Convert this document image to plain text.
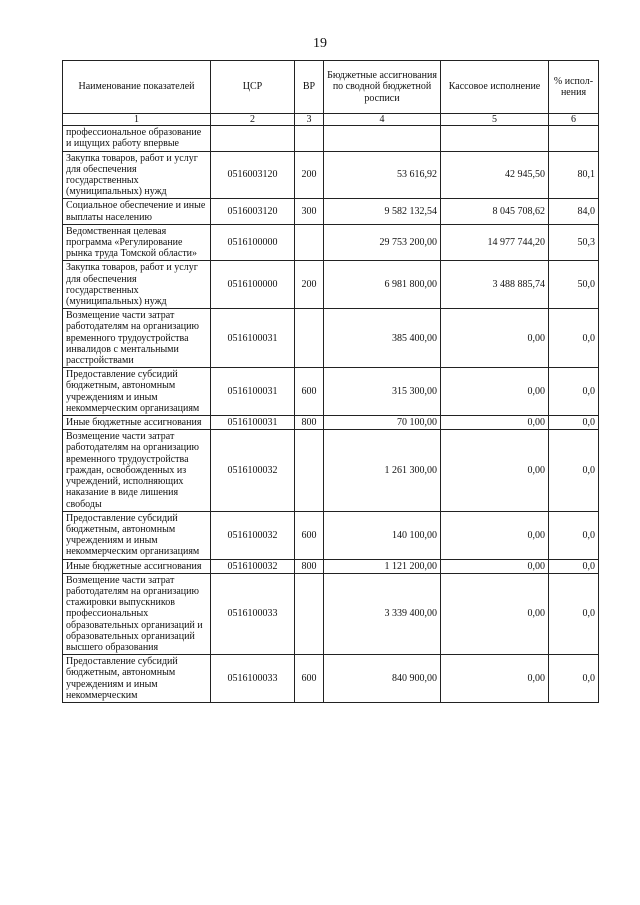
19
Наименование показателей	ЦСР	ВР	Бюджетные ассигнования по сводной бюджетной росписи	Кассовое исполнение	% испол-нения
1	2	3	4	5	6
профессиональное образование и ищущих работу впервые					
Закупка товаров, работ и услуг для обеспечения государственных (муниципальных) нужд	0516003120	200	53 616,92	42 945,50	80,1
Социальное обеспечение и иные выплаты населению	0516003120	300	9 582 132,54	8 045 708,62	84,0
Ведомственная целевая программа «Регулирование рынка труда Томской области»	0516100000		29 753 200,00	14 977 744,20	50,3
Закупка товаров, работ и услуг для обеспечения государственных (муниципальных) нужд	0516100000	200	6 981 800,00	3 488 885,74	50,0
Возмещение части затрат работодателям на организацию временного трудоустройства инвалидов с ментальными расстройствами	0516100031		385 400,00	0,00	0,0
Предоставление субсидий бюджетным, автономным учреждениям и иным некоммерческим организациям	0516100031	600	315 300,00	0,00	0,0
Иные бюджетные ассигнования	0516100031	800	70 100,00	0,00	0,0
Возмещение части затрат работодателям на организацию временного трудоустройства граждан, освобожденных из учреждений, исполняющих наказание в виде лишения свободы	0516100032		1 261 300,00	0,00	0,0
Предоставление субсидий бюджетным, автономным учреждениям и иным некоммерческим организациям	0516100032	600	140 100,00	0,00	0,0
Иные бюджетные ассигнования	0516100032	800	1 121 200,00	0,00	0,0
Возмещение части затрат работодателям на организацию стажировки выпускников профессиональных образовательных организаций и образовательных организаций высшего образования	0516100033		3 339 400,00	0,00	0,0
Предоставление субсидий бюджетным, автономным учреждениям и иным некоммерческим	0516100033	600	840 900,00	0,00	0,0
